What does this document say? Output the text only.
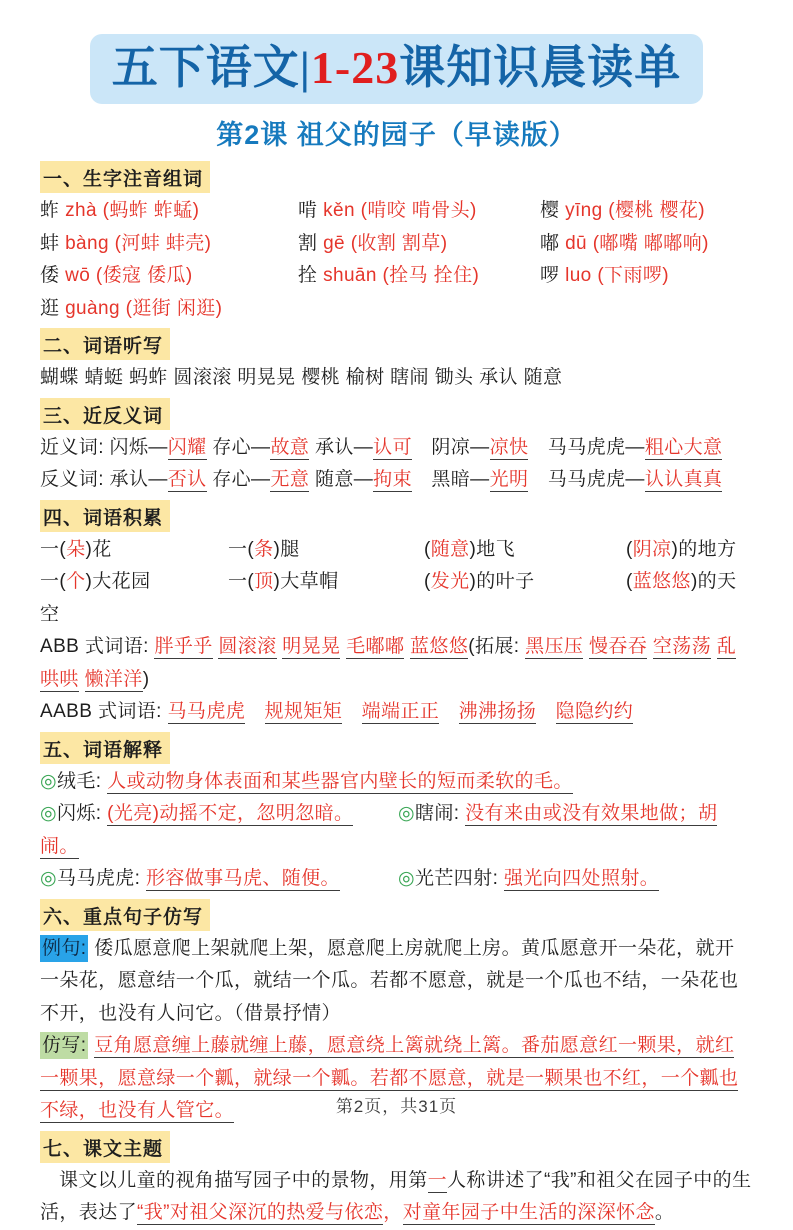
五下语文|1-23课知识晨读单
第2课 祖父的园子（早读版）
一、生字注音组词
蚱 zhà (蚂蚱 蚱蜢)	啃 kěn (啃咬 啃骨头)	樱 yīng (樱桃 樱花)
蚌 bàng (河蚌 蚌壳)	割 gē (收割 割草)	嘟 dū (嘟嘴 嘟嘟响)
倭 wō (倭寇 倭瓜)	拴 shuān (拴马 拴住)	啰 luo (下雨啰)
逛 guàng (逛街 闲逛)
二、词语听写
蝴蝶 蜻蜓 蚂蚱 圆滚滚 明晃晃 樱桃 榆树 瞎闹 锄头 承认 随意
三、近反义词
近义词: 闪烁—闪耀 存心—故意 承认—认可　阴凉—凉快　马马虎虎—粗心大意
反义词: 承认—否认 存心—无意 随意—拘束　黑暗—光明　马马虎虎—认认真真
四、词语积累
一(朵)花	一(条)腿	(随意)地飞	(阴凉)的地方
一(个)大花园	一(顶)大草帽	(发光)的叶子	(蓝悠悠)的天空
ABB 式词语: 胖乎乎 圆滚滚 明晃晃 毛嘟嘟 蓝悠悠(拓展: 黑压压 慢吞吞 空荡荡 乱哄哄 懒洋洋)
AABB 式词语: 马马虎虎　 规规矩矩　 端端正正　 沸沸扬扬　 隐隐约约
五、词语解释
◎绒毛: 人或动物身体表面和某些器官内壁长的短而柔软的毛。
◎闪烁: (光亮)动摇不定，忽明忽暗。 ◎瞎闹: 没有来由或没有效果地做；胡闹。
◎马马虎虎: 形容做事马虎、随便。	◎光芒四射: 强光向四处照射。
六、重点句子仿写
例句: 倭瓜愿意爬上架就爬上架，愿意爬上房就爬上房。黄瓜愿意开一朵花，就开一朵花，愿意结一个瓜，就结一个瓜。若都不愿意，就是一个瓜也不结，一朵花也不开，也没有人问它。（借景抒情）
仿写: 豆角愿意缠上藤就缠上藤，愿意绕上篱就绕上篱。番茄愿意红一颗果，就红一颗果，愿意绿一个瓤，就绿一个瓤。若都不愿意，就是一颗果也不红，一个瓤也不绿，也没有人管它。
七、课文主题
课文以儿童的视角描写园子中的景物，用第一人称讲述了“我”和祖父在园子中的生活，表达了“我”对祖父深沉的热爱与依恋，对童年园子中生活的深深怀念。
第2页，共31页
